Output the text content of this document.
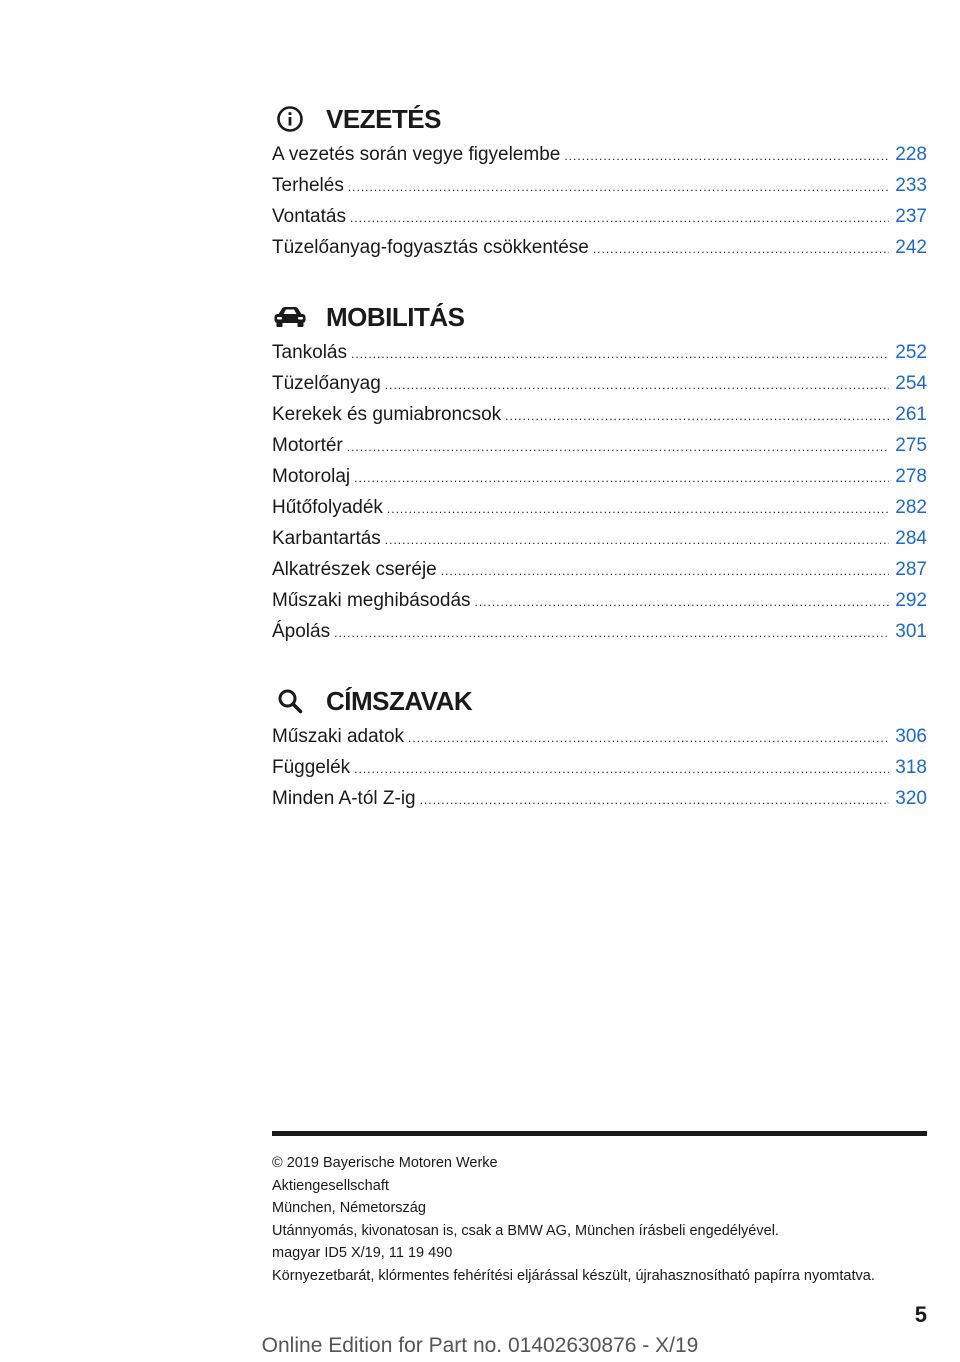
VEZETÉS
A vezetés során vegye figyelembe .....	228
Terhelés .....	233
Vontatás .....	237
Tüzelőanyag-fogyasztás csökkentése .....	242
MOBILITÁS
Tankolás .....	252
Tüzelőanyag .....	254
Kerekek és gumiabroncsok .....	261
Motortér .....	275
Motorolaj .....	278
Hűtőfolyadék .....	282
Karbantartás .....	284
Alkatrészek cseréje .....	287
Műszaki meghibásodás .....	292
Ápolás .....	301
CÍMSZAVAK
Műszaki adatok .....	306
Függelék .....	318
Minden A-tól Z-ig .....	320
© 2019 Bayerische Motoren Werke
Aktiengesellschaft
München, Németország
Utánnyomás, kivonatosan is, csak a BMW AG, München írásbeli engedélyével.
magyar ID5 X/19, 11 19 490
Környezetbarát, klórmentes fehérítési eljárással készült, újrahasznosítható papírra nyomtatva.
5
Online Edition for Part no. 01402630876 - X/19
